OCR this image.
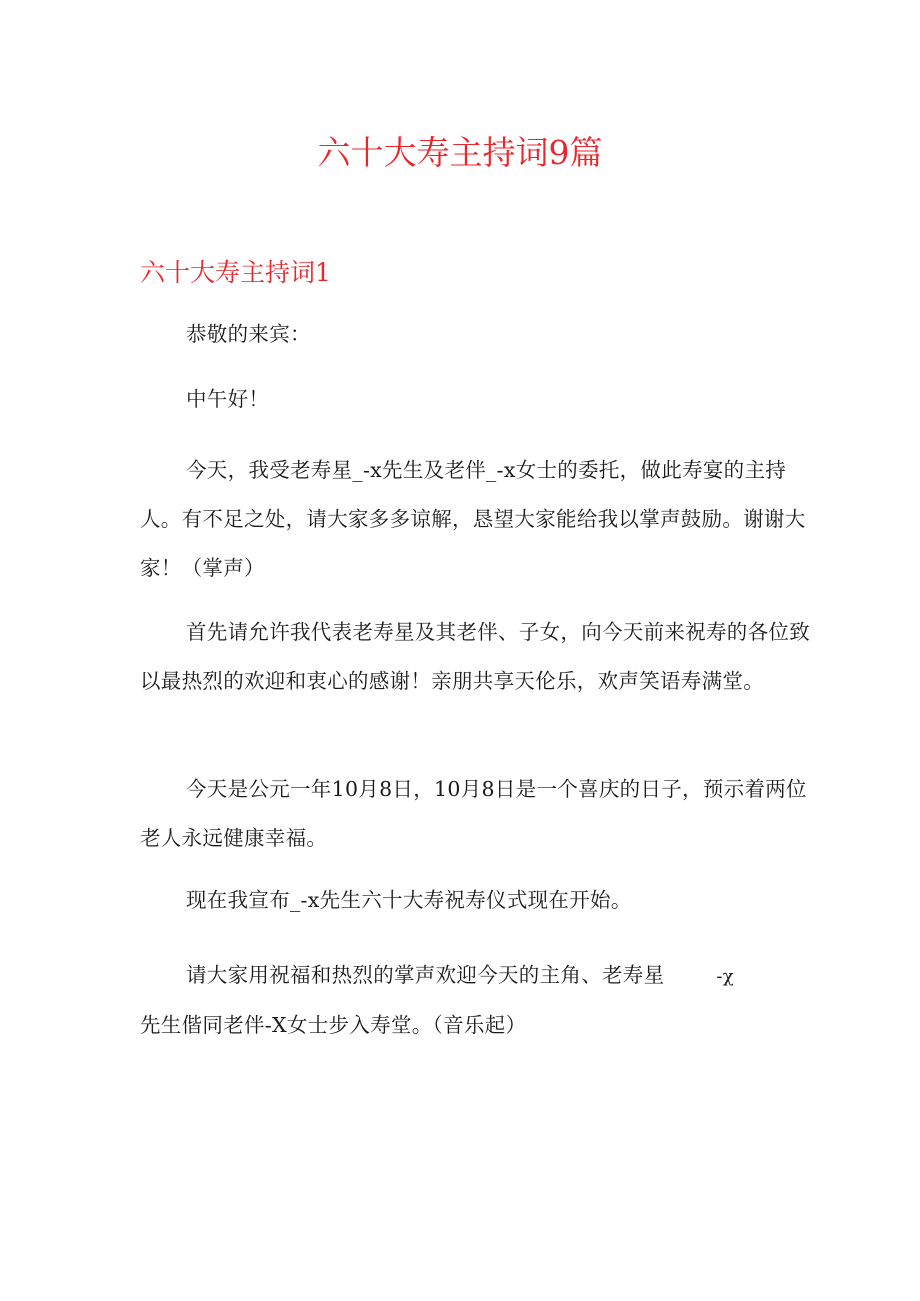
六十大寿主持词9篇
六十大寿主持词1

恭敬的来宾：

中午好！

今天，我受老寿星_-x先生及老伴_-x女士的委托，做此寿宴的主持人。有不足之处，请大家多多谅解，恳望大家能给我以掌声鼓励。谢谢大家！（掌声）

首先请允许我代表老寿星及其老伴、子女，向今天前来祝寿的各位致以最热烈的欢迎和衷心的感谢！亲朋共享天伦乐，欢声笑语寿满堂。

今天是公元一年10月8日，10月8日是一个喜庆的日子，预示着两位老人永远健康幸福。

现在我宣布_-x先生六十大寿祝寿仪式现在开始。

请大家用祝福和热烈的掌声欢迎今天的主角、老寿星	-χ
先生偕同老伴-X女士步入寿堂。（音乐起）
